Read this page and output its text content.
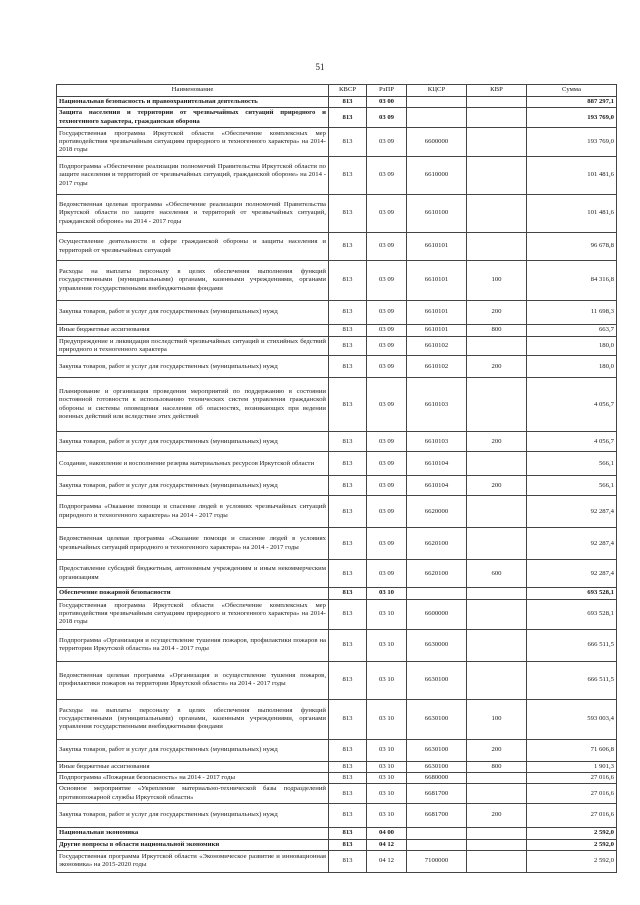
51
Наименование	КВСР	РзПР	КЦСР	КВР	Сумма
Национальная безопасность и правоохранительная деятельность	813	03 00			887 297,1
Защита населения и территории от чрезвычайных ситуаций природного и техногенного характера, гражданская оборона	813	03 09			193 769,0
Государственная программа Иркутской области «Обеспечение комплексных мер противодействия чрезвычайным ситуациям природного и техногенного характера» на 2014-2018 годы	813	03 09	6600000		193 769,0
Подпрограмма «Обеспечение реализации полномочий Правительства Иркутской области по защите населения и территорий от чрезвычайных ситуаций, гражданской обороне» на 2014 - 2017 годы	813	03 09	6610000		101 481,6
Ведомственная целевая программа «Обеспечение реализации полномочий Правительства Иркутской области по защите населения и территорий от чрезвычайных ситуаций, гражданской обороне» на 2014 - 2017 годы	813	03 09	6610100		101 481,6
Осуществление деятельности в сфере гражданской обороны и защиты населения и территорий от чрезвычайных ситуаций	813	03 09	6610101		96 678,8
Расходы на выплаты персоналу в целях обеспечения выполнения функций государственными (муниципальными) органами, казенными учреждениями, органами управления государственными внебюджетными фондами	813	03 09	6610101	100	84 316,8
Закупка товаров, работ и услуг для государственных (муниципальных) нужд	813	03 09	6610101	200	11 698,3
Иные бюджетные ассигнования	813	03 09	6610101	800	663,7
Предупреждение и ликвидация последствий чрезвычайных ситуаций и стихийных бедствий природного и техногенного характера	813	03 09	6610102		180,0
Закупка товаров, работ и услуг для государственных (муниципальных) нужд	813	03 09	6610102	200	180,0
Планирование и организация проведения мероприятий по поддержанию в состоянии постоянной готовности к использованию технических систем управления гражданской обороны и системы оповещения населения об опасностях, возникающих при ведении военных действий или вследствие этих действий	813	03 09	6610103		4 056,7
Закупка товаров, работ и услуг для государственных (муниципальных) нужд	813	03 09	6610103	200	4 056,7
Создание, накопление и восполнение резерва материальных ресурсов Иркутской области	813	03 09	6610104		566,1
Закупка товаров, работ и услуг для государственных (муниципальных) нужд	813	03 09	6610104	200	566,1
Подпрограмма «Оказание помощи и спасение людей в условиях чрезвычайных ситуаций природного и техногенного характера» на 2014 - 2017 годы	813	03 09	6620000		92 287,4
Ведомственная целевая программа «Оказание помощи и спасение людей в условиях чрезвычайных ситуаций природного и техногенного характера» на 2014 - 2017 годы	813	03 09	6620100		92 287,4
Предоставление субсидий бюджетным, автономным учреждениям и иным некоммерческим организациям	813	03 09	6620100	600	92 287,4
Обеспечение пожарной безопасности	813	03 10			693 528,1
Государственная программа Иркутской области «Обеспечение комплексных мер противодействия чрезвычайным ситуациям природного и техногенного характера» на 2014-2018 годы	813	03 10	6600000		693 528,1
Подпрограмма «Организация и осуществление тушения пожаров, профилактики пожаров на территории Иркутской области» на 2014 - 2017 годы	813	03 10	6630000		666 511,5
Ведомственная целевая программа «Организация и осуществление тушения пожаров, профилактики пожаров на территории Иркутской области» на 2014 - 2017 годы	813	03 10	6630100		666 511,5
Расходы на выплаты персоналу в целях обеспечения выполнения функций государственными (муниципальными) органами, казенными учреждениями, органами управления государственными внебюджетными фондами	813	03 10	6630100	100	593 003,4
Закупка товаров, работ и услуг для государственных (муниципальных) нужд	813	03 10	6630100	200	71 606,8
Иные бюджетные ассигнования	813	03 10	6630100	800	1 901,3
Подпрограмма «Пожарная безопасность» на 2014 - 2017 годы	813	03 10	6680000		27 016,6
Основное мероприятие «Укрепление материально-технической базы подразделений противопожарной службы Иркутской области»	813	03 10	6681700		27 016,6
Закупка товаров, работ и услуг для государственных (муниципальных) нужд	813	03 10	6681700	200	27 016,6
Национальная экономика	813	04 00			2 592,0
Другие вопросы в области национальной экономики	813	04 12			2 592,0
Государственная программа Иркутской области «Экономическое развитие и инновационная экономика» на 2015-2020 годы	813	04 12	7100000		2 592,0
